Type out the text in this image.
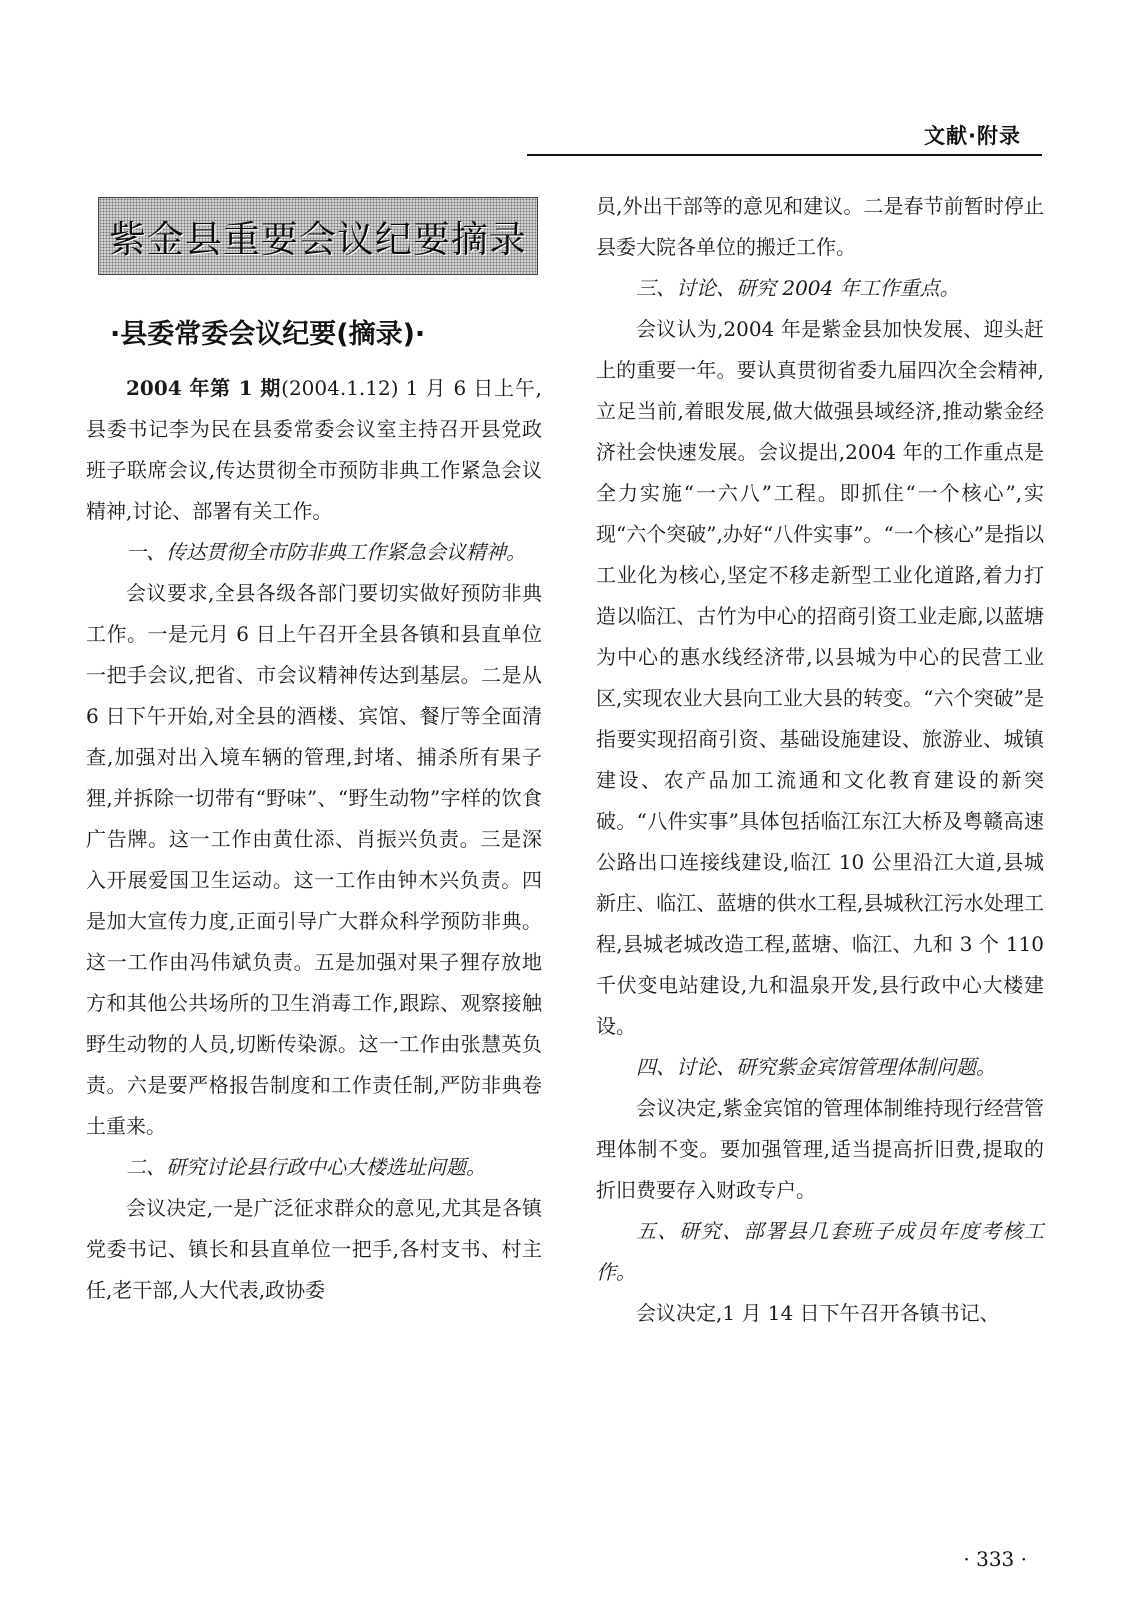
文献·附录
紫金县重要会议纪要摘录
·县委常委会议纪要(摘录)·

2004 年第 1 期(2004.1.12) 1 月 6 日上午,县委书记李为民在县委常委会议室主持召开县党政班子联席会议,传达贯彻全市预防非典工作紧急会议精神,讨论、部署有关工作。

一、传达贯彻全市防非典工作紧急会议精神。

会议要求,全县各级各部门要切实做好预防非典工作。一是元月 6 日上午召开全县各镇和县直单位一把手会议,把省、市会议精神传达到基层。二是从 6 日下午开始,对全县的酒楼、宾馆、餐厅等全面清查,加强对出入境车辆的管理,封堵、捕杀所有果子狸,并拆除一切带有“野味”、“野生动物”字样的饮食广告牌。这一工作由黄仕添、肖振兴负责。三是深入开展爱国卫生运动。这一工作由钟木兴负责。四是加大宣传力度,正面引导广大群众科学预防非典。这一工作由冯伟斌负责。五是加强对果子狸存放地方和其他公共场所的卫生消毒工作,跟踪、观察接触野生动物的人员,切断传染源。这一工作由张慧英负责。六是要严格报告制度和工作责任制,严防非典卷土重来。

二、研究讨论县行政中心大楼选址问题。

会议决定,一是广泛征求群众的意见,尤其是各镇党委书记、镇长和县直单位一把手,各村支书、村主任,老干部,人大代表,政协委

员,外出干部等的意见和建议。二是春节前暂时停止县委大院各单位的搬迁工作。

三、讨论、研究 2004 年工作重点。

会议认为,2004 年是紫金县加快发展、迎头赶上的重要一年。要认真贯彻省委九届四次全会精神,立足当前,着眼发展,做大做强县域经济,推动紫金经济社会快速发展。会议提出,2004 年的工作重点是全力实施“一六八”工程。即抓住“一个核心”,实现“六个突破”,办好“八件实事”。“一个核心”是指以工业化为核心,坚定不移走新型工业化道路,着力打造以临江、古竹为中心的招商引资工业走廊,以蓝塘为中心的惠水线经济带,以县城为中心的民营工业区,实现农业大县向工业大县的转变。“六个突破”是指要实现招商引资、基础设施建设、旅游业、城镇建设、农产品加工流通和文化教育建设的新突破。“八件实事”具体包括临江东江大桥及粤赣高速公路出口连接线建设,临江 10 公里沿江大道,县城新庄、临江、蓝塘的供水工程,县城秋江污水处理工程,县城老城改造工程,蓝塘、临江、九和 3 个 110 千伏变电站建设,九和温泉开发,县行政中心大楼建设。

四、讨论、研究紫金宾馆管理体制问题。

会议决定,紫金宾馆的管理体制维持现行经营管理体制不变。要加强管理,适当提高折旧费,提取的折旧费要存入财政专户。

五、研究、部署县几套班子成员年度考核工作。

会议决定,1 月 14 日下午召开各镇书记、

· 333 ·
